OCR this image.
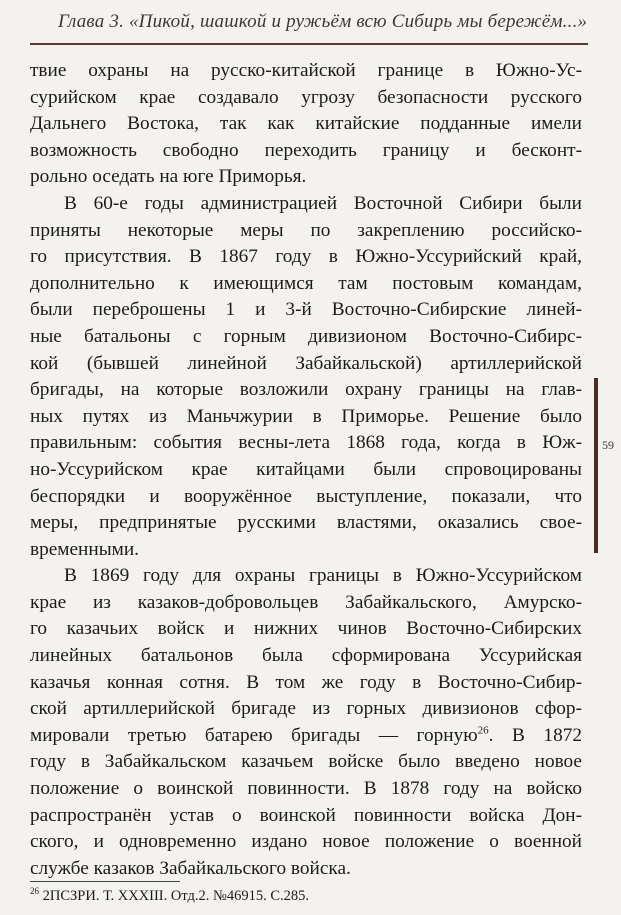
Глава 3. «Пикой, шашкой и ружьём всю Сибирь мы бережём...»

твие охраны на русско-китайской границе в Южно-Ус-
сурийском крае создавало угрозу безопасности русского
Дальнего Востока, так как китайские подданные имели
возможность свободно переходить границу и бесконт-
рольно оседать на юге Приморья.

В 60-е годы администрацией Восточной Сибири были
приняты некоторые меры по закреплению российско-
го присутствия. В 1867 году в Южно-Уссурийский край,
дополнительно к имеющимся там постовым командам,
были переброшены 1 и 3-й Восточно-Сибирские линей-
ные батальоны с горным дивизионом Восточно-Сибирс-
кой (бывшей линейной Забайкальской) артиллерийской
бригады, на которые возложили охрану границы на глав-
ных путях из Маньчжурии в Приморье. Решение было
правильным: события весны-лета 1868 года, когда в Юж-
но-Уссурийском крае китайцами были спровоцированы
беспорядки и вооружённое выступление, показали, что
меры, предпринятые русскими властями, оказались свое-
временными.

В 1869 году для охраны границы в Южно-Уссурийском
крае из казаков-добровольцев Забайкальского, Амурско-
го казачьих войск и нижних чинов Восточно-Сибирских
линейных батальонов была сформирована Уссурийская
казачья конная сотня. В том же году в Восточно-Сибир-
ской артиллерийской бригаде из горных дивизионов сфор-
мировали третью батарею бригады — горную$^{26}$. В 1872
году в Забайкальском казачьем войске было введено новое
положение о воинской повинности. В 1878 году на войско
распространён устав о воинской повинности войска Дон-
ского, и одновременно издано новое положение о военной
службе казаков Забайкальского войска.

59
$^{26}$ 2ПСЗРИ. Т. XXXIII. Отд.2. №46915. С.285.
